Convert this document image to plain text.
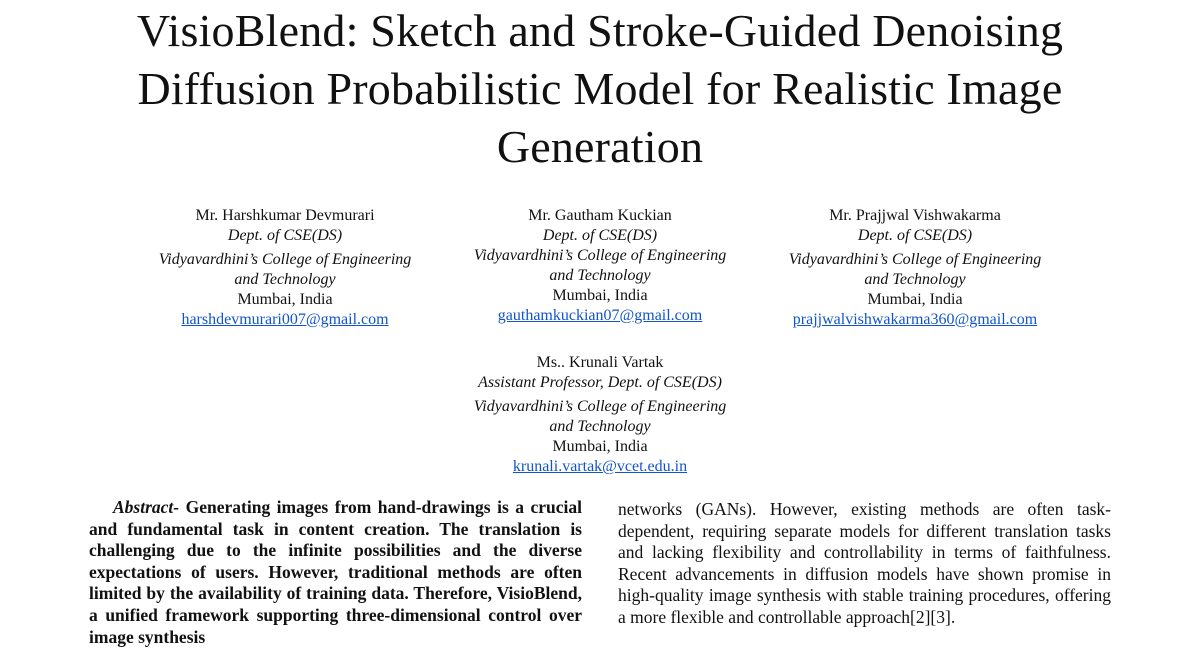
VisioBlend: Sketch and Stroke-Guided Denoising
Diffusion Probabilistic Model for Realistic Image
Generation
Mr. Harshkumar Devmurari
Dept. of CSE(DS)
Vidyavardhini’s College of Engineering
and Technology
Mumbai, India
harshdevmurari007@gmail.com
Mr. Gautham Kuckian
Dept. of CSE(DS)
Vidyavardhini’s College of Engineering
and Technology
Mumbai, India
gauthamkuckian07@gmail.com
Mr. Prajjwal Vishwakarma
Dept. of CSE(DS)
Vidyavardhini’s College of Engineering
and Technology
Mumbai, India
prajjwalvishwakarma360@gmail.com
Ms.. Krunali Vartak
Assistant Professor, Dept. of CSE(DS)
Vidyavardhini’s College of Engineering
and Technology
Mumbai, India
krunali.vartak@vcet.edu.in
Abstract- Generating images from hand-drawings is a crucial and fundamental task in content creation. The translation is challenging due to the infinite possibilities and the diverse expectations of users. However, traditional methods are often limited by the availability of training data. Therefore, VisioBlend, a unified framework supporting three-dimensional control over image synthesis
networks (GANs). However, existing methods are often task-dependent, requiring separate models for different translation tasks and lacking flexibility and controllability in terms of faithfulness. Recent advancements in diffusion models have shown promise in high-quality image synthesis with stable training procedures, offering a more flexible and controllable approach[2][3].
